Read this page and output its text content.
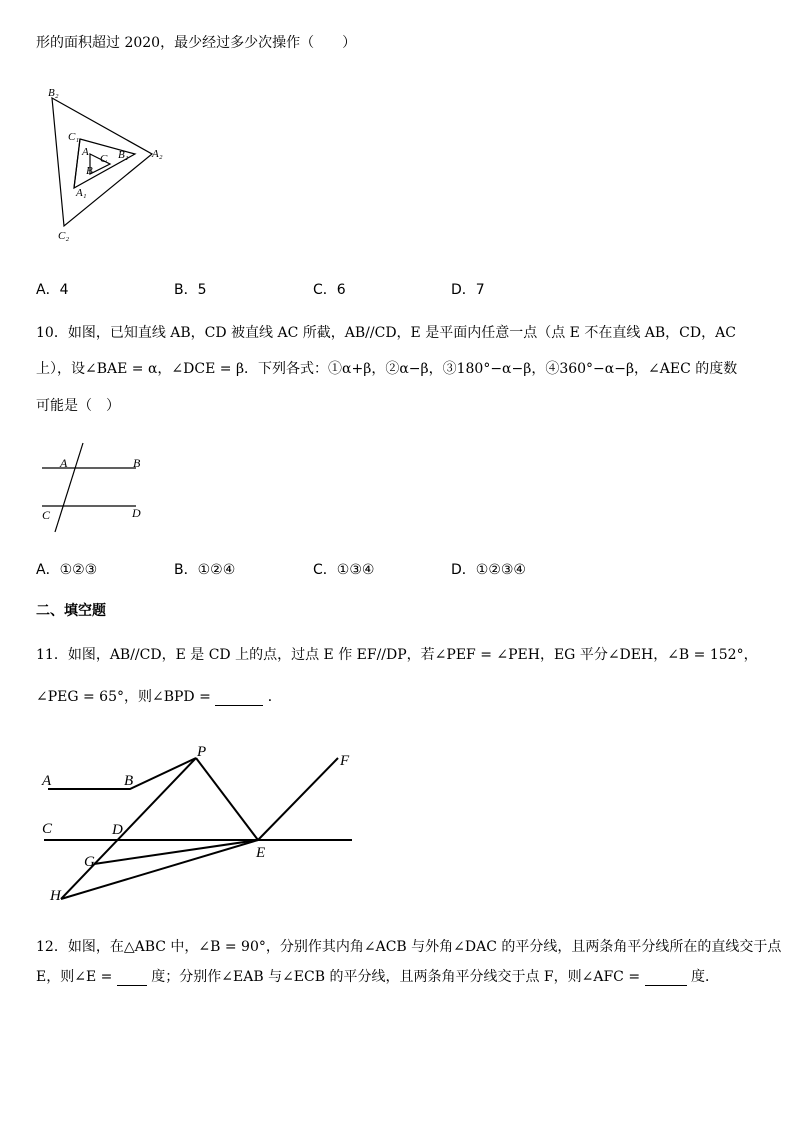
形的面积超过 2020，最少经过多少次操作（　　）
B₂
C₁
A	B₁ A₂
C
B
A₁
C₂
A．4	B．5	C．6	D．7
10．如图，已知直线 AB，CD 被直线 AC 所截，AB//CD，E 是平面内任意一点（点 E 不在直线 AB，CD，AC
上），设∠BAE = α，∠DCE = β．下列各式：①α+β，②α−β，③180°−α−β，④360°−α−β，∠AEC 的度数
可能是（　）
A	B
C	D
A．①②③	B．①②④	C．①③④	D．①②③④
二、填空题
11．如图，AB//CD，E 是 CD 上的点，过点 E 作 EF//DP，若∠PEF = ∠PEH，EG 平分∠DEH，∠B = 152°，
∠PEG = 65°，则∠BPD =	．
A	B
P
F
C	D
E
G
H
12．如图，在△ABC 中，∠B = 90°，分别作其内角∠ACB 与外角∠DAC 的平分线，且两条角平分线所在的直线交于点
E，则∠E =	度；分别作∠EAB 与∠ECB 的平分线，且两条角平分线交于点 F，则∠AFC =	度．
